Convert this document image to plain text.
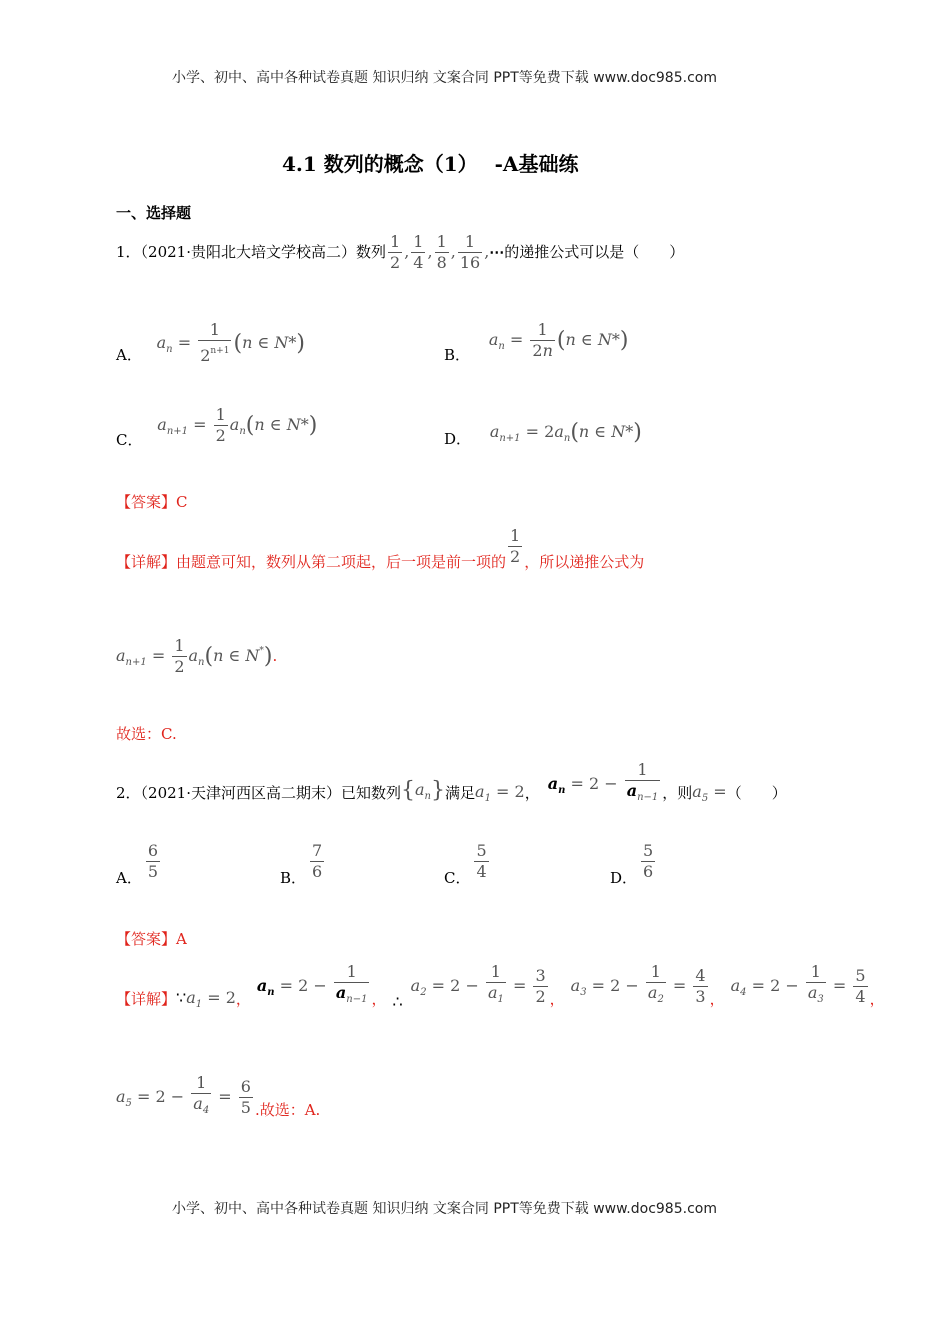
小学、初中、高中各种试卷真题 知识归纳 文案合同 PPT等免费下载 www.doc985.com
4.1 数列的概念（1）　 -A基础练
一、选择题
1．（2021·贵阳北大培文学校高二）数列 $\frac{1}{2}$ , $\frac{1}{4}$ , $\frac{1}{8}$ , $\frac{1}{16}$ ,⋯的递推公式可以是（　　）
A． $a_n = \frac{1}{2^{n+1}} (n$ ∈ N*)	B． $a_n = \frac{1}{2n} (n$ ∈ N*)
C． $a_{n+1} = \frac{1}{2} a_n(n$ ∈ N*)
D． $a_{n+1} = 2a_n(n$ ∈ N*)
【答案】C
【详解】由题意可知，数列从第二项起，后一项是前一项的 $\frac{1}{2}$ ，所以递推公式为
$a_{n+1} = \frac{1}{2} a_n(n$ ∈ N*).
故选：C.
2．（2021·天津河西区高二期末）已知数列$\{a_n\}$满足$a_1 = 2$，$a_n = 2 - \frac{1}{a_{n-1}}$ ，则$a_5$ =（　　）
A． $\frac{6}{5}$	B． $\frac{7}{6}$	C． $\frac{5}{4}$	D． $\frac{5}{6}$
【答案】A
【详解】$\because a_1 = 2$，$a_n = 2 - \frac{1}{a_{n-1}}$ ， $\therefore a_2 = 2 - \frac{1}{a_1} = \frac{3}{2}$ ，$a_3 = 2 - \frac{1}{a_2} = \frac{4}{3}$ ，$a_4 = 2 - \frac{1}{a_3} = \frac{5}{4}$ ，
$a_5 = 2 - \frac{1}{a_4} = \frac{6}{5}$ .故选：A.
小学、初中、高中各种试卷真题 知识归纳 文案合同 PPT等免费下载 www.doc985.com
